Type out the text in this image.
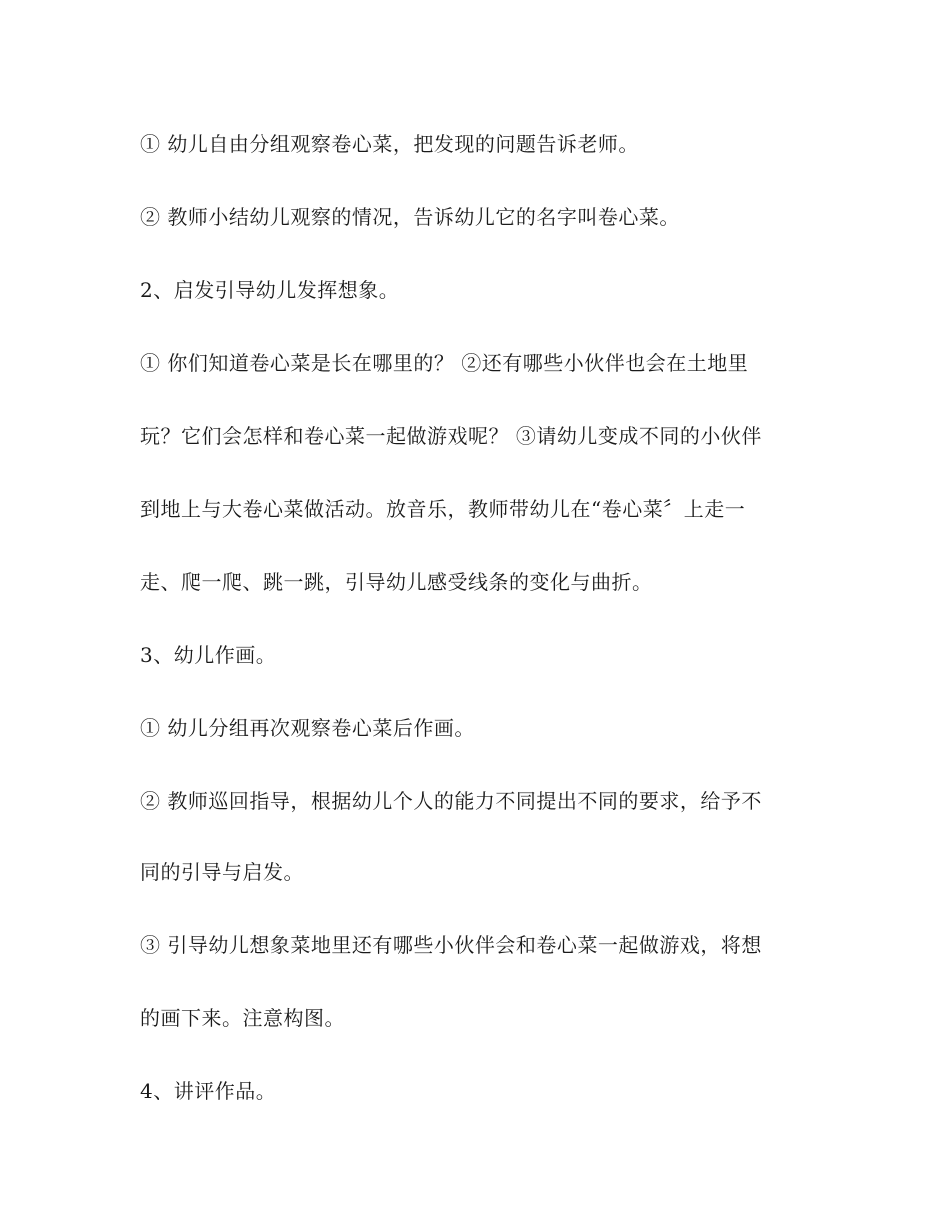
① 幼儿自由分组观察卷心菜，把发现的问题告诉老师。
② 教师小结幼儿观察的情况，告诉幼儿它的名字叫卷心菜。
2、启发引导幼儿发挥想象。
① 你们知道卷心菜是长在哪里的？ ②还有哪些小伙伴也会在土地里
玩？它们会怎样和卷心菜一起做游戏呢？ ③请幼儿变成不同的小伙伴
到地上与大卷心菜做活动。放音乐，教师带幼儿在“卷心菜〞上走一
走、爬一爬、跳一跳，引导幼儿感受线条的变化与曲折。
3、幼儿作画。
① 幼儿分组再次观察卷心菜后作画。
② 教师巡回指导，根据幼儿个人的能力不同提出不同的要求，给予不
同的引导与启发。
③ 引导幼儿想象菜地里还有哪些小伙伴会和卷心菜一起做游戏，将想
的画下来。注意构图。
4、讲评作品。
